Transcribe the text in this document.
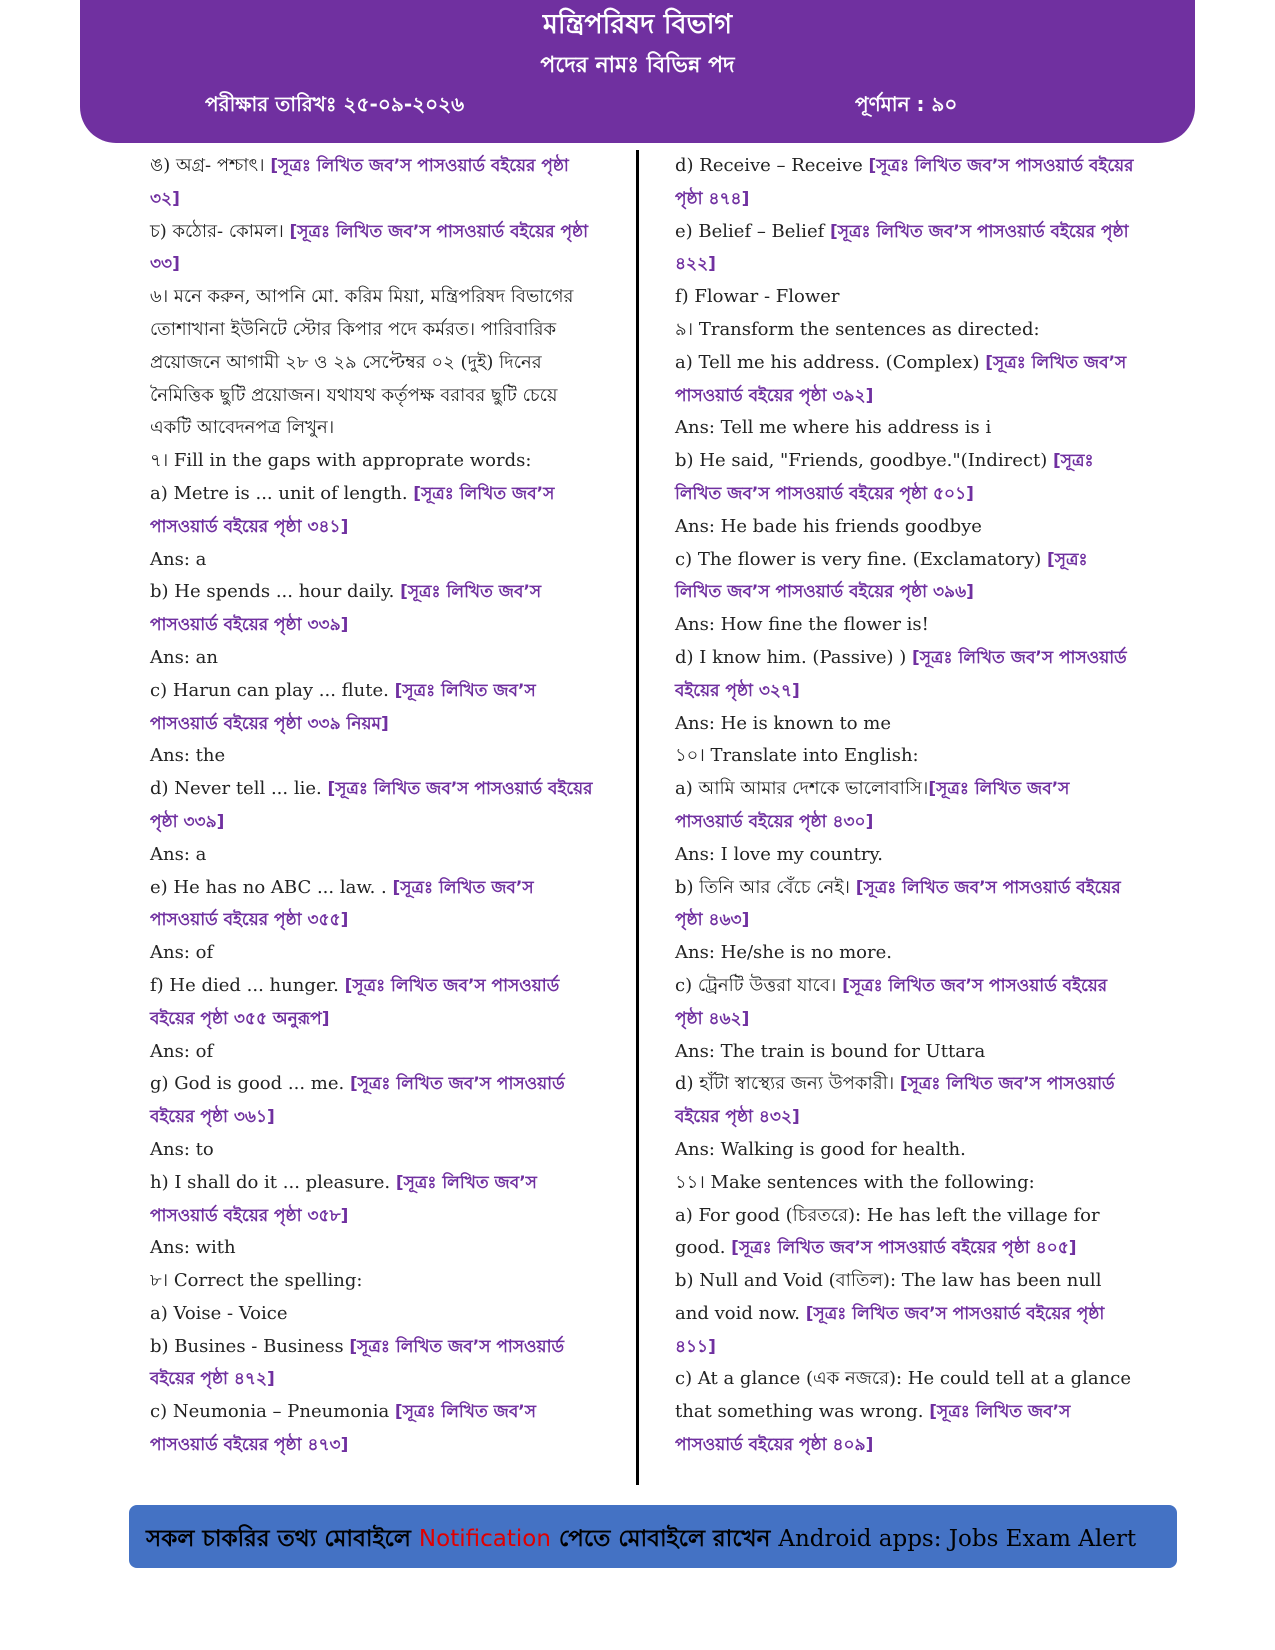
মন্ত্রিপরিষদ বিভাগ
পদের নামঃ বিভিন্ন পদ
পরীক্ষার তারিখঃ ২৫-০৯-২০২৬	পূর্ণমান : ৯০

ঙ) অগ্র- পশ্চাৎ। [সূত্রঃ লিখিত জব’স পাসওয়ার্ড বইয়ের পৃষ্ঠা ৩২]

চ) কঠোর- কোমল। [সূত্রঃ লিখিত জব’স পাসওয়ার্ড বইয়ের পৃষ্ঠা ৩৩]

৬। মনে করুন, আপনি মো. করিম মিয়া, মন্ত্রিপরিষদ বিভাগের তোশাখানা ইউনিটে স্টোর কিপার পদে কর্মরত। পারিবারিক প্রয়োজনে আগামী ২৮ ও ২৯ সেপ্টেম্বর ০২ (দুই) দিনের নৈমিত্তিক ছুটি প্রয়োজন। যথাযথ কর্তৃপক্ষ বরাবর ছুটি চেয়ে একটি আবেদনপত্র লিখুন।

৭। Fill in the gaps with approprate words:

a) Metre is ... unit of length. [সূত্রঃ লিখিত জব’স পাসওয়ার্ড বইয়ের পৃষ্ঠা ৩৪১]

Ans: a

b) He spends ... hour daily. [সূত্রঃ লিখিত জব’স পাসওয়ার্ড বইয়ের পৃষ্ঠা ৩৩৯]

Ans: an

c) Harun can play ... flute. [সূত্রঃ লিখিত জব’স পাসওয়ার্ড বইয়ের পৃষ্ঠা ৩৩৯ নিয়ম]

Ans: the

d) Never tell ... lie. [সূত্রঃ লিখিত জব’স পাসওয়ার্ড বইয়ের পৃষ্ঠা ৩৩৯]

Ans: a

e) He has no ABC ... law. . [সূত্রঃ লিখিত জব’স পাসওয়ার্ড বইয়ের পৃষ্ঠা ৩৫৫]

Ans: of

f) He died ... hunger. [সূত্রঃ লিখিত জব’স পাসওয়ার্ড বইয়ের পৃষ্ঠা ৩৫৫ অনুরূপ]

Ans: of

g) God is good ... me. [সূত্রঃ লিখিত জব’স পাসওয়ার্ড বইয়ের পৃষ্ঠা ৩৬১]

Ans: to

h) I shall do it ... pleasure. [সূত্রঃ লিখিত জব’স পাসওয়ার্ড বইয়ের পৃষ্ঠা ৩৫৮]

Ans: with

৮। Correct the spelling:

a) Voise - Voice

b) Busines - Business [সূত্রঃ লিখিত জব’স পাসওয়ার্ড বইয়ের পৃষ্ঠা ৪৭২]

c) Neumonia – Pneumonia [সূত্রঃ লিখিত জব’স পাসওয়ার্ড বইয়ের পৃষ্ঠা ৪৭৩]

d) Receive – Receive [সূত্রঃ লিখিত জব’স পাসওয়ার্ড বইয়ের পৃষ্ঠা ৪৭৪]

e) Belief – Belief [সূত্রঃ লিখিত জব’স পাসওয়ার্ড বইয়ের পৃষ্ঠা ৪২২]

f) Flowar - Flower

৯। Transform the sentences as directed:

a) Tell me his address. (Complex) [সূত্রঃ লিখিত জব’স পাসওয়ার্ড বইয়ের পৃষ্ঠা ৩৯২]

Ans: Tell me where his address is i

b) He said, "Friends, goodbye."(Indirect) [সূত্রঃ লিখিত জব’স পাসওয়ার্ড বইয়ের পৃষ্ঠা ৫০১]

Ans: He bade his friends goodbye

c) The flower is very fine. (Exclamatory) [সূত্রঃ লিখিত জব’স পাসওয়ার্ড বইয়ের পৃষ্ঠা ৩৯৬]

Ans: How fine the flower is!

d) I know him. (Passive) ) [সূত্রঃ লিখিত জব’স পাসওয়ার্ড বইয়ের পৃষ্ঠা ৩২৭]

Ans: He is known to me

১০। Translate into English:

a) আমি আমার দেশকে ভালোবাসি।[সূত্রঃ লিখিত জব’স পাসওয়ার্ড বইয়ের পৃষ্ঠা ৪৩০]

Ans: I love my country.

b) তিনি আর বেঁচে নেই। [সূত্রঃ লিখিত জব’স পাসওয়ার্ড বইয়ের পৃষ্ঠা ৪৬৩]

Ans: He/she is no more.

c) ট্রেনটি উত্তরা যাবে। [সূত্রঃ লিখিত জব’স পাসওয়ার্ড বইয়ের পৃষ্ঠা ৪৬২]

Ans: The train is bound for Uttara

d) হাঁটা স্বাস্থ্যের জন্য উপকারী। [সূত্রঃ লিখিত জব’স পাসওয়ার্ড বইয়ের পৃষ্ঠা ৪৩২]

Ans: Walking is good for health.

১১। Make sentences with the following:

a) For good (চিরতরে): He has left the village for good. [সূত্রঃ লিখিত জব’স পাসওয়ার্ড বইয়ের পৃষ্ঠা ৪০৫]

b) Null and Void (বাতিল): The law has been null and void now. [সূত্রঃ লিখিত জব’স পাসওয়ার্ড বইয়ের পৃষ্ঠা ৪১১]

c) At a glance (এক নজরে): He could tell at a glance that something was wrong. [সূত্রঃ লিখিত জব’স পাসওয়ার্ড বইয়ের পৃষ্ঠা ৪০৯]

সকল চাকরির তথ্য মোবাইলে Notification পেতে মোবাইলে রাখেন Android apps: Jobs Exam Alert
